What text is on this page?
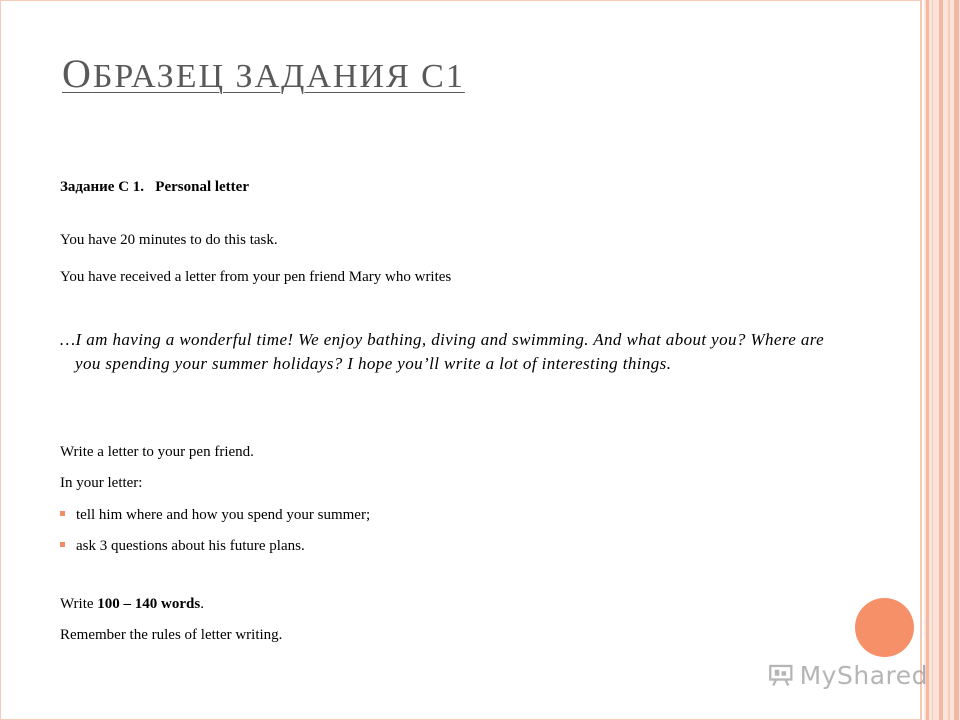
ОБРАЗЕЦ ЗАДАНИЯ С1
Задание С 1. Personal letter
You have 20 minutes to do this task.
You have received a letter from your pen friend Mary who writes
…I am having a wonderful time! We enjoy bathing, diving and swimming. And what about you? Where are you spending your summer holidays? I hope you’ll write a lot of interesting things.
Write a letter to your pen friend.
In your letter:
tell him where and how you spend your summer;
ask 3 questions about his future plans.
Write 100 – 140 words.
Remember the rules of letter writing.
MyShared
